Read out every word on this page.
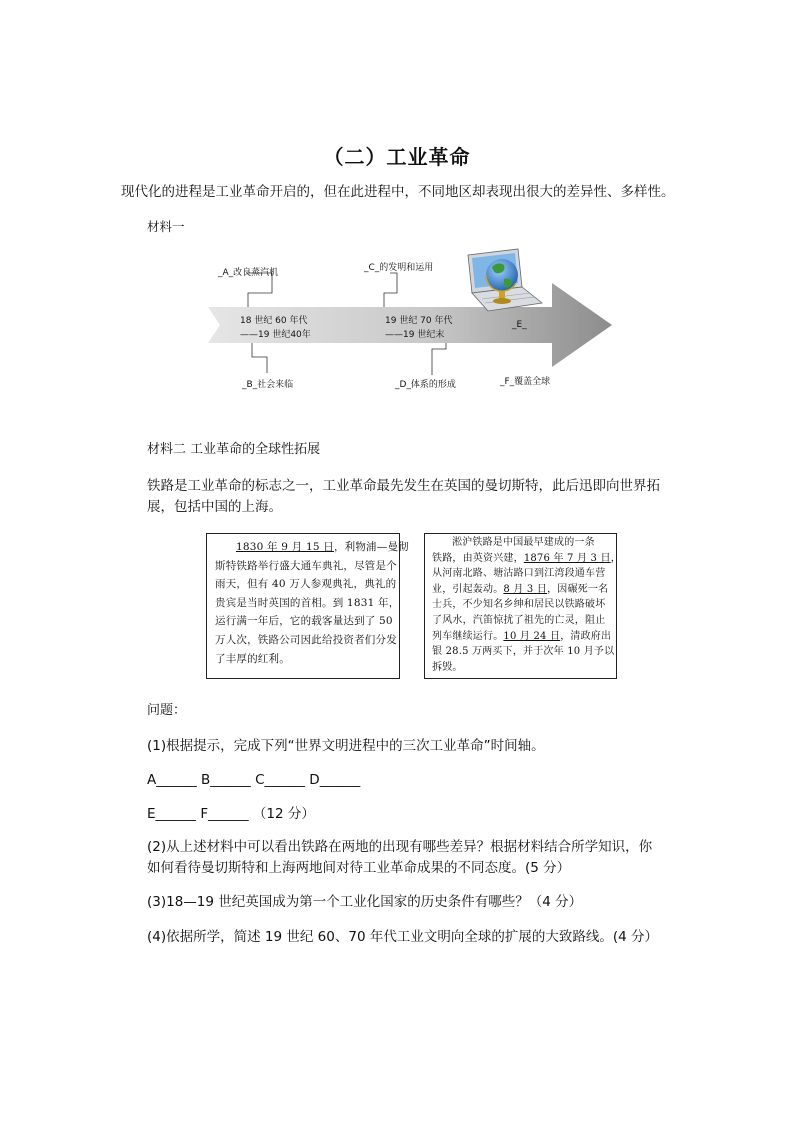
（二）工业革命
现代化的进程是工业革命开启的，但在此进程中，不同地区却表现出很大的差异性、多样性。
材料一
_A_改良蒸汽机	_C_的发明和运用
18 世纪 60 年代
——19 世纪40年
19 世纪 70 年代
——19 世纪末
_E_
_B_社会来临	_D_体系的形成	_F_覆盖全球
材料二 工业革命的全球性拓展
铁路是工业革命的标志之一，工业革命最先发生在英国的曼切斯特，此后迅即向世界拓
展，包括中国的上海。
1830 年 9 月 15 日，利物浦—曼彻
斯特铁路举行盛大通车典礼，尽管是个
雨天，但有 40 万人参观典礼，典礼的
贵宾是当时英国的首相。到 1831 年，
运行满一年后，它的载客量达到了 50
万人次，铁路公司因此给投资者们分发
了丰厚的红利。
淞沪铁路是中国最早建成的一条
铁路，由英资兴建，1876 年 7 月 3 日，
从河南北路、塘沽路口到江湾段通车营
业，引起轰动。8 月 3 日，因碾死一名
士兵，不少知名乡绅和居民以铁路破坏
了风水，汽笛惊扰了祖先的亡灵，阻止
列车继续运行。10 月 24 日，清政府出
银 28.5 万两买下，并于次年 10 月予以
拆毁。
问题：
(1)根据提示，完成下列“世界文明进程中的三次工业革命”时间轴。
A______ B______ C______ D______
E______ F______ （12 分）
(2)从上述材料中可以看出铁路在两地的出现有哪些差异？根据材料结合所学知识，你
如何看待曼切斯特和上海两地间对待工业革命成果的不同态度。(5 分）
(3)18—19 世纪英国成为第一个工业化国家的历史条件有哪些？（4 分）
(4)依据所学，简述 19 世纪 60、70 年代工业文明向全球的扩展的大致路线。(4 分）
